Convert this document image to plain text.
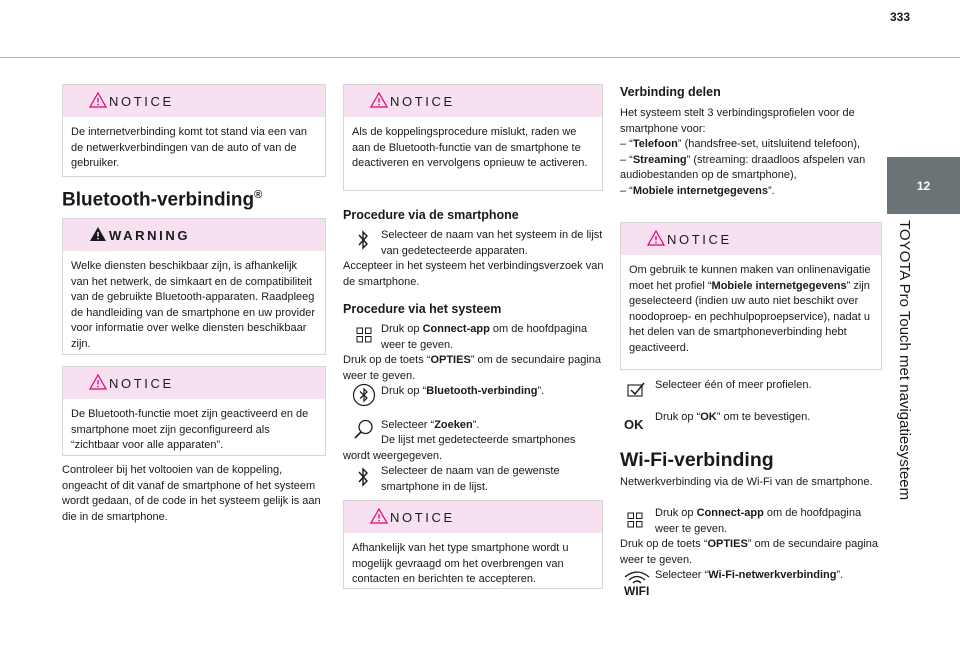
333
12
TOYOTA Pro Touch met navigatiesysteem
NOTICE
De internetverbinding komt tot stand via een van de netwerkverbindingen van de auto of van de gebruiker.
Bluetooth-verbinding®
WARNING
Welke diensten beschikbaar zijn, is afhankelijk van het netwerk, de simkaart en de compatibiliteit van de gebruikte Bluetooth-apparaten. Raadpleeg de handleiding van de smartphone en uw provider voor informatie over welke diensten beschikbaar zijn.
NOTICE
De Bluetooth-functie moet zijn geactiveerd en de smartphone moet zijn geconfigureerd als “zichtbaar voor alle apparaten”.
Controleer bij het voltooien van de koppeling, ongeacht of dit vanaf de smartphone of het systeem wordt gedaan, of de code in het systeem gelijk is aan die in de smartphone.
NOTICE
Als de koppelingsprocedure mislukt, raden we aan de Bluetooth-functie van de smartphone te deactiveren en vervolgens opnieuw te activeren.
Procedure via de smartphone
Selecteer de naam van het systeem in de lijst van gedetecteerde apparaten.
Accepteer in het systeem het verbindingsverzoek van de smartphone.
Procedure via het systeem
Druk op Connect-app om de hoofdpagina weer te geven.
Druk op de toets “OPTIES” om de secundaire pagina weer te geven.
Druk op “Bluetooth-verbinding”.
Selecteer “Zoeken”.
De lijst met gedetecteerde smartphones wordt weergegeven.
Selecteer de naam van de gewenste smartphone in de lijst.
NOTICE
Afhankelijk van het type smartphone wordt u mogelijk gevraagd om het overbrengen van contacten en berichten te accepteren.
Verbinding delen
Het systeem stelt 3 verbindingsprofielen voor de smartphone voor:
– “Telefoon” (handsfree-set, uitsluitend telefoon),
– “Streaming” (streaming: draadloos afspelen van audiobestanden op de smartphone),
– “Mobiele internetgegevens”.
NOTICE
Om gebruik te kunnen maken van onlinenavigatie moet het profiel “Mobiele internetgegevens” zijn geselecteerd (indien uw auto niet beschikt over noodoproep- en pechhulpoproepservice), nadat u het delen van de smartphoneverbinding hebt geactiveerd.
Selecteer één of meer profielen.
OK Druk op “OK” om te bevestigen.
Wi-Fi-verbinding
Netwerkverbinding via de Wi-Fi van de smartphone.
Druk op Connect-app om de hoofdpagina weer te geven.
Druk op de toets “OPTIES” om de secundaire pagina weer te geven.
WIFI
Selecteer “Wi-Fi-netwerkverbinding”.
